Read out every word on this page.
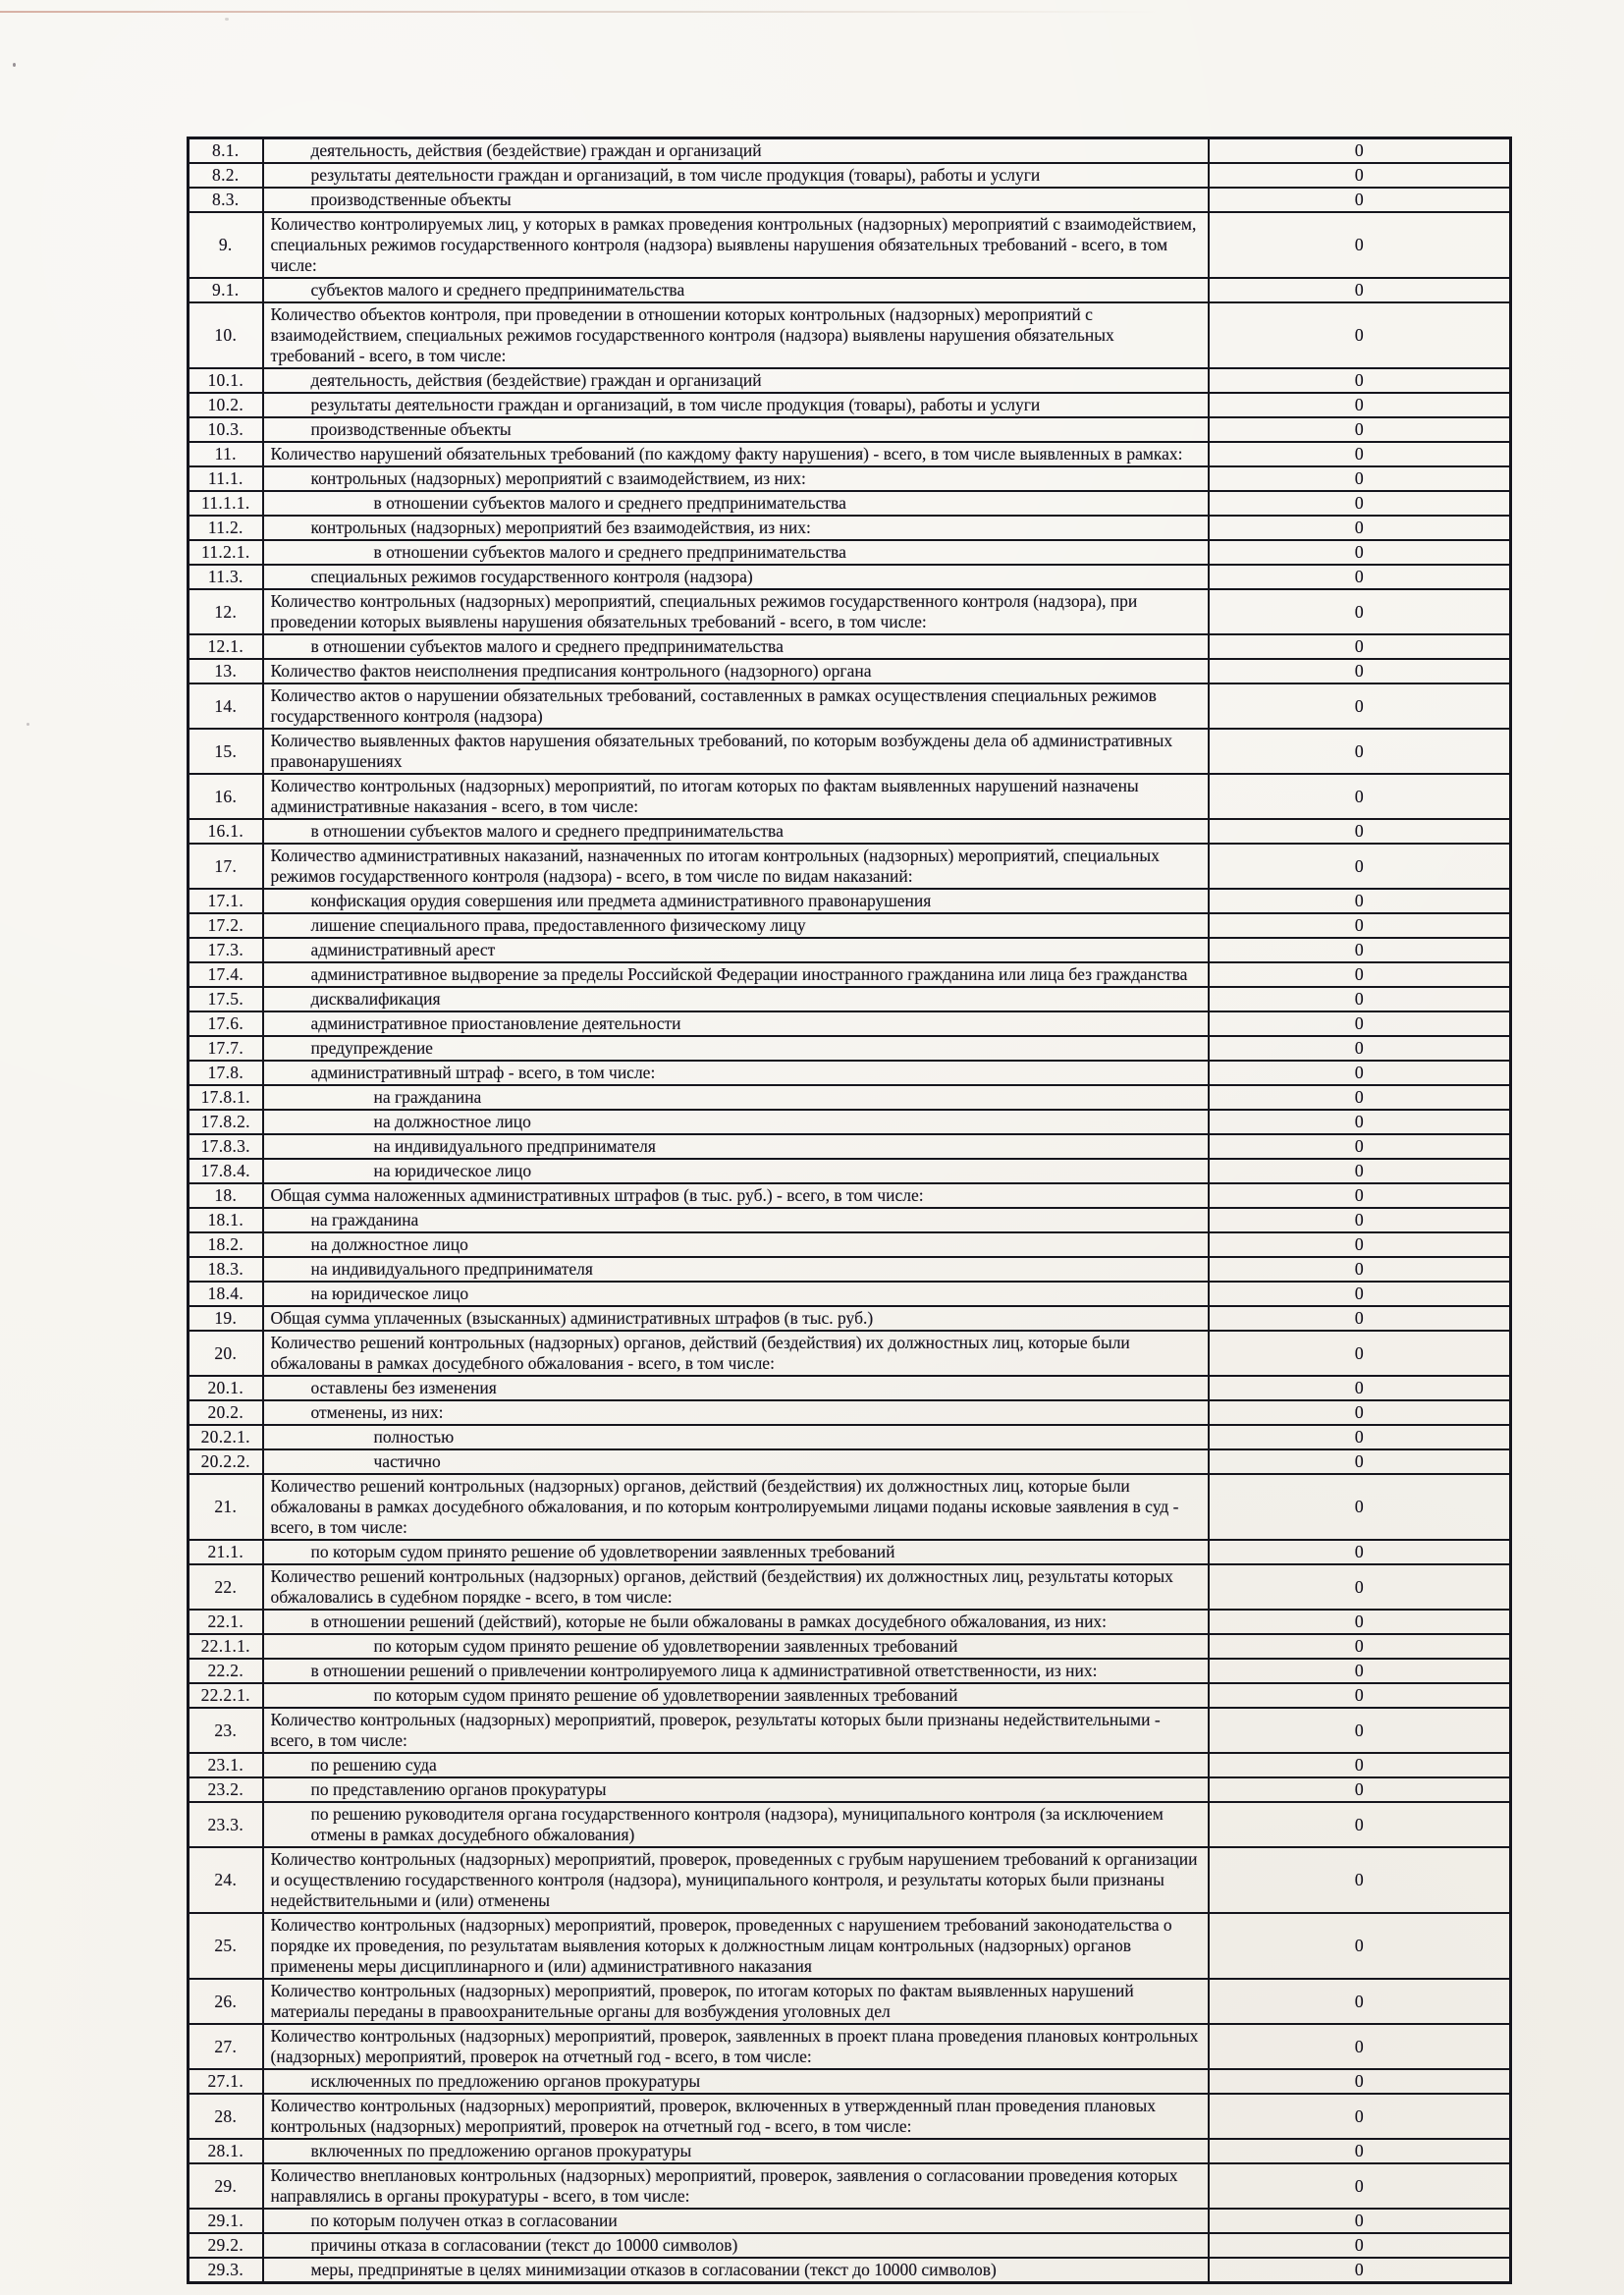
8.1.	деятельность, действия (бездействие) граждан и организаций	0
8.2.	результаты деятельности граждан и организаций, в том числе продукция (товары), работы и услуги	0
8.3.	производственные объекты	0
9.	Количество контролируемых лиц, у которых в рамках проведения контрольных (надзорных) мероприятий с взаимодействием, специальных режимов государственного контроля (надзора) выявлены нарушения обязательных требований - всего, в том числе:	0
9.1.	субъектов малого и среднего предпринимательства	0
10.	Количество объектов контроля, при проведении в отношении которых контрольных (надзорных) мероприятий с взаимодействием, специальных режимов государственного контроля (надзора) выявлены нарушения обязательных требований - всего, в том числе:	0
10.1.	деятельность, действия (бездействие) граждан и организаций	0
10.2.	результаты деятельности граждан и организаций, в том числе продукция (товары), работы и услуги	0
10.3.	производственные объекты	0
11.	Количество нарушений обязательных требований (по каждому факту нарушения) - всего, в том числе выявленных в рамках:	0
11.1.	контрольных (надзорных) мероприятий с взаимодействием, из них:	0
11.1.1.	в отношении субъектов малого и среднего предпринимательства	0
11.2.	контрольных (надзорных) мероприятий без взаимодействия, из них:	0
11.2.1.	в отношении субъектов малого и среднего предпринимательства	0
11.3.	специальных режимов государственного контроля (надзора)	0
12.	Количество контрольных (надзорных) мероприятий, специальных режимов государственного контроля (надзора), при проведении которых выявлены нарушения обязательных требований - всего, в том числе:	0
12.1.	в отношении субъектов малого и среднего предпринимательства	0
13.	Количество фактов неисполнения предписания контрольного (надзорного) органа	0
14.	Количество актов о нарушении обязательных требований, составленных в рамках осуществления специальных режимов государственного контроля (надзора)	0
15.	Количество выявленных фактов нарушения обязательных требований, по которым возбуждены дела об административных правонарушениях	0
16.	Количество контрольных (надзорных) мероприятий, по итогам которых по фактам выявленных нарушений назначены административные наказания - всего, в том числе:	0
16.1.	в отношении субъектов малого и среднего предпринимательства	0
17.	Количество административных наказаний, назначенных по итогам контрольных (надзорных) мероприятий, специальных режимов государственного контроля (надзора) - всего, в том числе по видам наказаний:	0
17.1.	конфискация орудия совершения или предмета административного правонарушения	0
17.2.	лишение специального права, предоставленного физическому лицу	0
17.3.	административный арест	0
17.4.	административное выдворение за пределы Российской Федерации иностранного гражданина или лица без гражданства	0
17.5.	дисквалификация	0
17.6.	административное приостановление деятельности	0
17.7.	предупреждение	0
17.8.	административный штраф - всего, в том числе:	0
17.8.1.	на гражданина	0
17.8.2.	на должностное лицо	0
17.8.3.	на индивидуального предпринимателя	0
17.8.4.	на юридическое лицо	0
18.	Общая сумма наложенных административных штрафов (в тыс. руб.) - всего, в том числе:	0
18.1.	на гражданина	0
18.2.	на должностное лицо	0
18.3.	на индивидуального предпринимателя	0
18.4.	на юридическое лицо	0
19.	Общая сумма уплаченных (взысканных) административных штрафов (в тыс. руб.)	0
20.	Количество решений контрольных (надзорных) органов, действий (бездействия) их должностных лиц, которые были обжалованы в рамках досудебного обжалования - всего, в том числе:	0
20.1.	оставлены без изменения	0
20.2.	отменены, из них:	0
20.2.1.	полностью	0
20.2.2.	частично	0
21.	Количество решений контрольных (надзорных) органов, действий (бездействия) их должностных лиц, которые были обжалованы в рамках досудебного обжалования, и по которым контролируемыми лицами поданы исковые заявления в суд - всего, в том числе:	0
21.1.	по которым судом принято решение об удовлетворении заявленных требований	0
22.	Количество решений контрольных (надзорных) органов, действий (бездействия) их должностных лиц, результаты которых обжаловались в судебном порядке - всего, в том числе:	0
22.1.	в отношении решений (действий), которые не были обжалованы в рамках досудебного обжалования, из них:	0
22.1.1.	по которым судом принято решение об удовлетворении заявленных требований	0
22.2.	в отношении решений о привлечении контролируемого лица к административной ответственности, из них:	0
22.2.1.	по которым судом принято решение об удовлетворении заявленных требований	0
23.	Количество контрольных (надзорных) мероприятий, проверок, результаты которых были признаны недействительными - всего, в том числе:	0
23.1.	по решению суда	0
23.2.	по представлению органов прокуратуры	0
23.3.	по решению руководителя органа государственного контроля (надзора), муниципального контроля (за исключением отмены в рамках досудебного обжалования)	0
24.	Количество контрольных (надзорных) мероприятий, проверок, проведенных с грубым нарушением требований к организации и осуществлению государственного контроля (надзора), муниципального контроля, и результаты которых были признаны недействительными и (или) отменены	0
25.	Количество контрольных (надзорных) мероприятий, проверок, проведенных с нарушением требований законодательства о порядке их проведения, по результатам выявления которых к должностным лицам контрольных (надзорных) органов применены меры дисциплинарного и (или) административного наказания	0
26.	Количество контрольных (надзорных) мероприятий, проверок, по итогам которых по фактам выявленных нарушений материалы переданы в правоохранительные органы для возбуждения уголовных дел	0
27.	Количество контрольных (надзорных) мероприятий, проверок, заявленных в проект плана проведения плановых контрольных (надзорных) мероприятий, проверок на отчетный год - всего, в том числе:	0
27.1.	исключенных по предложению органов прокуратуры	0
28.	Количество контрольных (надзорных) мероприятий, проверок, включенных в утвержденный план проведения плановых контрольных (надзорных) мероприятий, проверок на отчетный год - всего, в том числе:	0
28.1.	включенных по предложению органов прокуратуры	0
29.	Количество внеплановых контрольных (надзорных) мероприятий, проверок, заявления о согласовании проведения которых направлялись в органы прокуратуры - всего, в том числе:	0
29.1.	по которым получен отказ в согласовании	0
29.2.	причины отказа в согласовании (текст до 10000 символов)	0
29.3.	меры, предпринятые в целях минимизации отказов в согласовании (текст до 10000 символов)	0
